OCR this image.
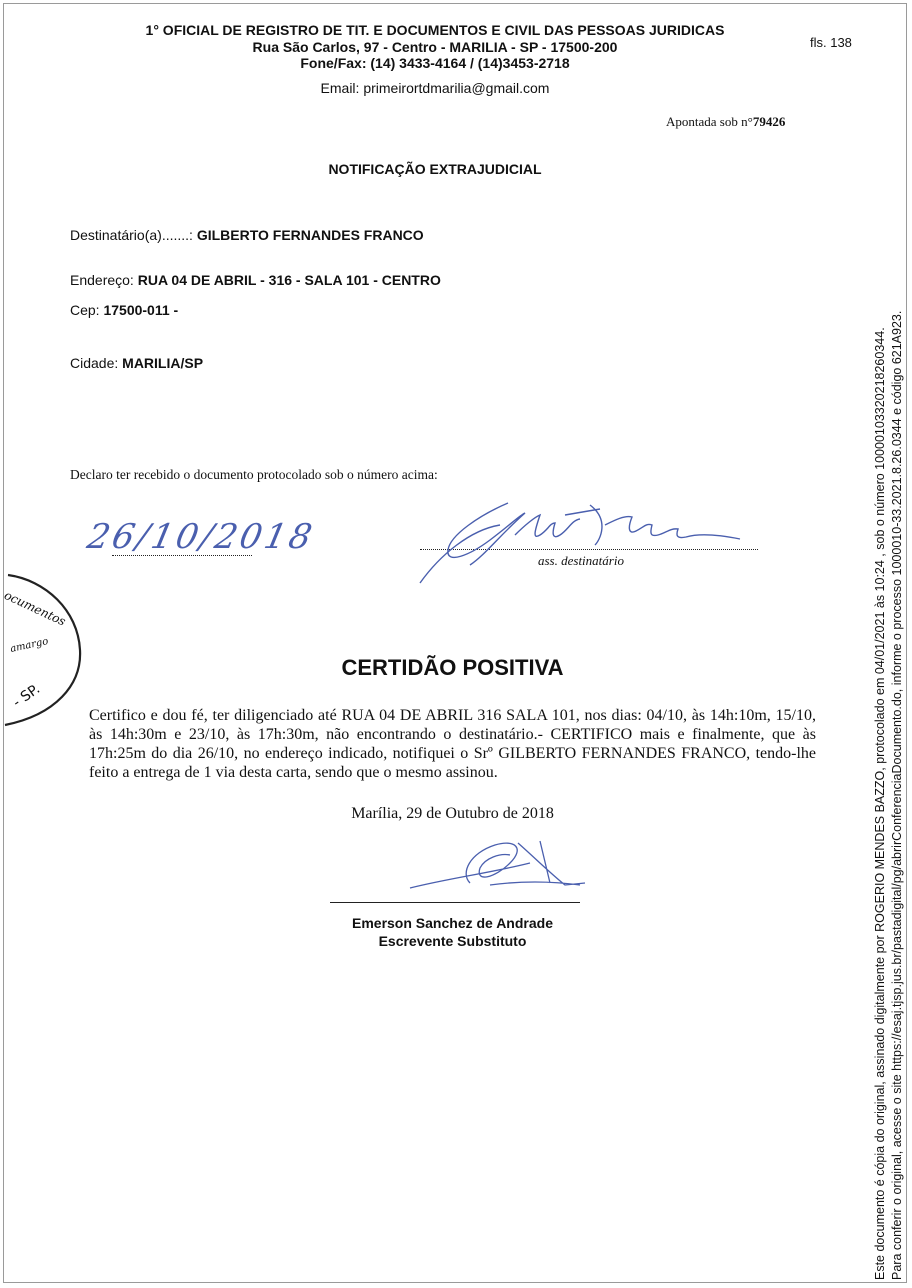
1° OFICIAL DE REGISTRO DE TIT. E DOCUMENTOS E CIVIL DAS PESSOAS JURIDICAS
Rua São Carlos, 97 - Centro - MARILIA - SP - 17500-200
Fone/Fax: (14) 3433-4164 / (14)3453-2718
Email: primeirortdmarilia@gmail.com
fls. 138
Apontada sob n°79426
NOTIFICAÇÃO EXTRAJUDICIAL
Destinatário(a).......: GILBERTO FERNANDES FRANCO
Endereço: RUA 04 DE ABRIL - 316 - SALA 101 - CENTRO
Cep: 17500-011 -
Cidade: MARILIA/SP
Declaro ter recebido o documento protocolado sob o número acima:
26/10/2018
ass. destinatário
ocumentos
amargo
- SP.
CERTIDÃO POSITIVA
Certifico e dou fé, ter diligenciado até RUA 04 DE ABRIL 316 SALA 101, nos dias: 04/10, às 14h:10m, 15/10, às 14h:30m e 23/10, às 17h:30m, não encontrando o destinatário.- CERTIFICO mais e finalmente, que às 17h:25m do dia 26/10, no endereço indicado, notifiquei o Srº GILBERTO FERNANDES FRANCO, tendo-lhe feito a entrega de 1 via desta carta, sendo que o mesmo assinou.
Marília, 29 de Outubro de 2018
Emerson Sanchez de Andrade
Escrevente Substituto	Este documento é cópia do original, assinado digitalmente por ROGERIO MENDES BAZZO, protocolado em 04/01/2021 às 10:24 , sob o número 10000103320218260344. Para conferir o original, acesse o site https://esaj.tjsp.jus.br/pastadigital/pg/abrirConferenciaDocumento.do, informe o processo 1000010-33.2021.8.26.0344 e código 621A923.
